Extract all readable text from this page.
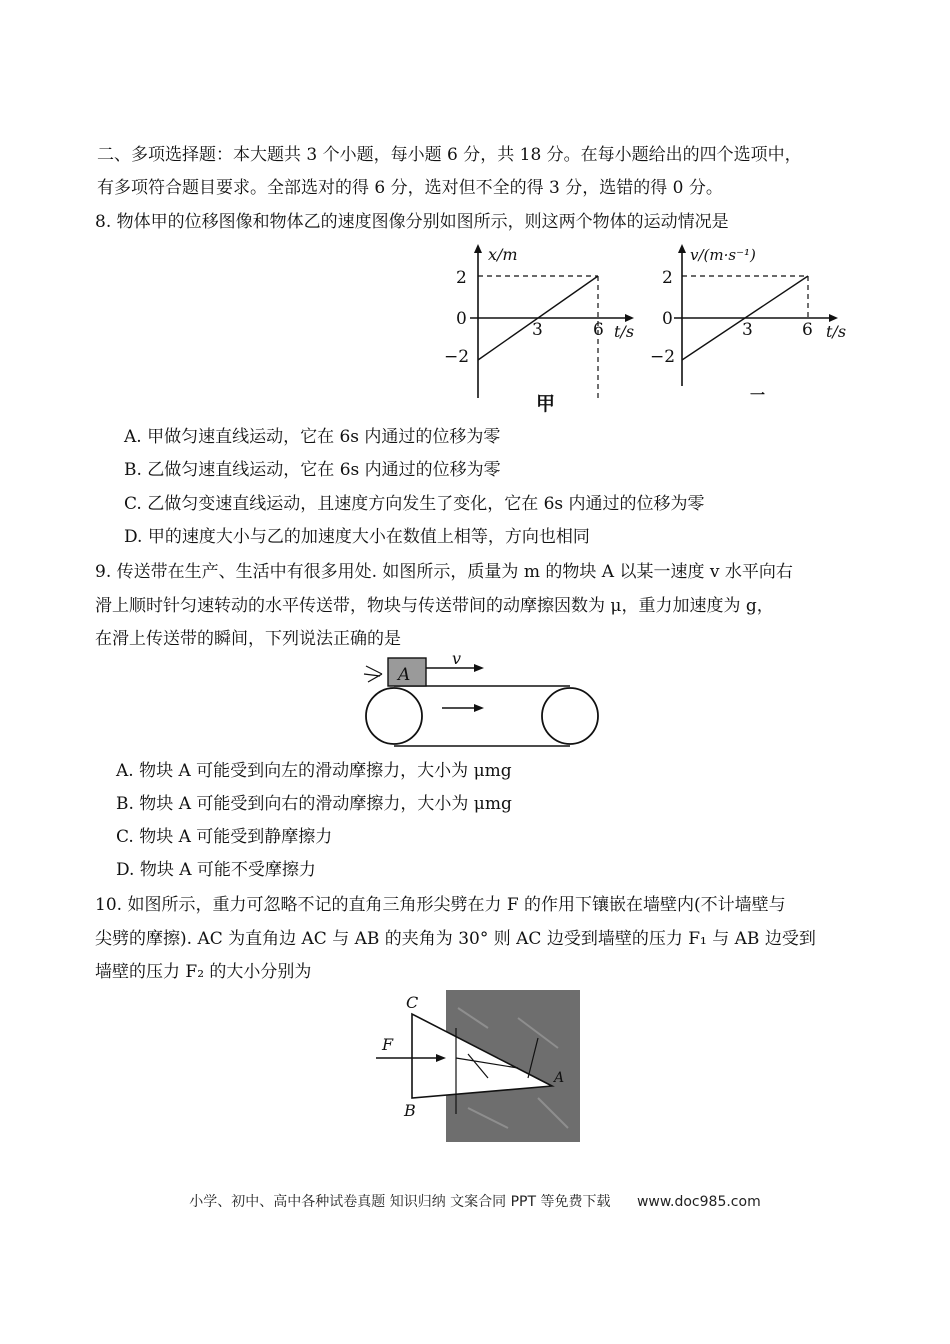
二、多项选择题：本大题共 3 个小题，每小题 6 分，共 18 分。在每小题给出的四个选项中，
有多项符合题目要求。全部选对的得 6 分，选对但不全的得 3 分，选错的得 0 分。
8. 物体甲的位移图像和物体乙的速度图像分别如图所示，则这两个物体的运动情况是
x/m
2
0
−2
3	6 t/s
甲
v/(m·s⁻¹)
2
0
−2
3	6 t/s
一
A. 甲做匀速直线运动，它在 6s 内通过的位移为零
B. 乙做匀速直线运动，它在 6s 内通过的位移为零
C. 乙做匀变速直线运动，且速度方向发生了变化，它在 6s 内通过的位移为零
D. 甲的速度大小与乙的加速度大小在数值上相等，方向也相同
9. 传送带在生产、生活中有很多用处. 如图所示，质量为 m 的物块 A 以某一速度 v 水平向右
滑上顺时针匀速转动的水平传送带，物块与传送带间的动摩擦因数为 μ，重力加速度为 g，
在滑上传送带的瞬间，下列说法正确的是
A
v
A. 物块 A 可能受到向左的滑动摩擦力，大小为 μmg
B. 物块 A 可能受到向右的滑动摩擦力，大小为 μmg
C. 物块 A 可能受到静摩擦力
D. 物块 A 可能不受摩擦力
10. 如图所示，重力可忽略不记的直角三角形尖劈在力 F 的作用下镶嵌在墙壁内(不计墙壁与
尖劈的摩擦). AC 为直角边 AC 与 AB 的夹角为 30° 则 AC 边受到墙壁的压力 F₁ 与 AB 边受到
墙壁的压力 F₂ 的大小分别为
C
F
B
A
小学、初中、高中各种试卷真题 知识归纳 文案合同 PPT 等免费下载 www.doc985.com
